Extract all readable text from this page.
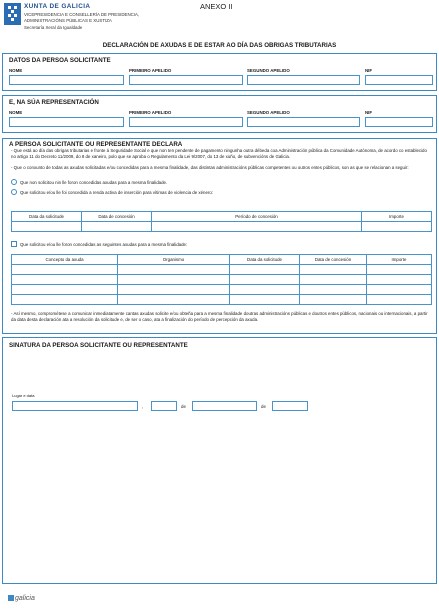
XUNTA DE GALICIA
VICEPRESIDENCIA E CONSELLERÍA DE PRESIDENCIA,
ADMINISTRACIÓNS PÚBLICAS E XUSTIZA
Secretaría Xeral da Igualdade
ANEXO II
DECLARACIÓN DE AXUDAS E DE ESTAR AO DÍA DAS OBRIGAS TRIBUTARIAS
DATOS DA PERSOA SOLICITANTE
NOME	PRIMEIRO APELIDO	SEGUNDO APELIDO	NIF
E, NA SÚA REPRESENTACIÓN
NOME	PRIMEIRO APELIDO	SEGUNDO APELIDO	NIF
A PERSOA SOLICITANTE OU REPRESENTANTE DECLARA
- Que está ao día das obrigas tributarias e fronte á Seguridade Social e que non ten pendente de pagamento ningunha outra débeda coa Administración pública da Comunidade Autónoma, de acordo co establecido no artigo 11 do Decreto 11/2009, do 8 de xaneiro, polo que se aproba o Regulamento da Lei 9/2007, do 13 de xuño, de subvencións de Galicia.
- Que o conxunto de todas as axudas solicitadas e/ou concedidas para a mesma finalidade, das distintas administracións públicas competentes ou outros entes públicos, son as que se relacionan a seguir:
Que non solicitou nin lle foron concedidas axudas para a mesma finalidade.
Que solicitou e/ou lle foi concedida a renda activa de inserción para vítimas de violencia de xénero:
Data da solicitude	Data de concesión	Período de concesión	Importe

Que solicitou e/ou lle foron concedidas as seguintes axudas para a mesma finalidade:
Concepto da axuda	Organismo	Data da solicitude	Data de concesión	Importe

- Así mesmo, comprométese a comunicar inmediatamente cantas axudas solicite e/ou obteña para a mesma finalidade doutras administracións públicas e doutros entes públicos, nacionais ou internacionais, a partir da data desta declaración ata a resolución da solicitude e, de ser o caso, ata a finalización do período de percepción da axuda.
SINATURA DA PERSOA SOLICITANTE OU REPRESENTANTE
Lugar e data
,	de	de
galicia
